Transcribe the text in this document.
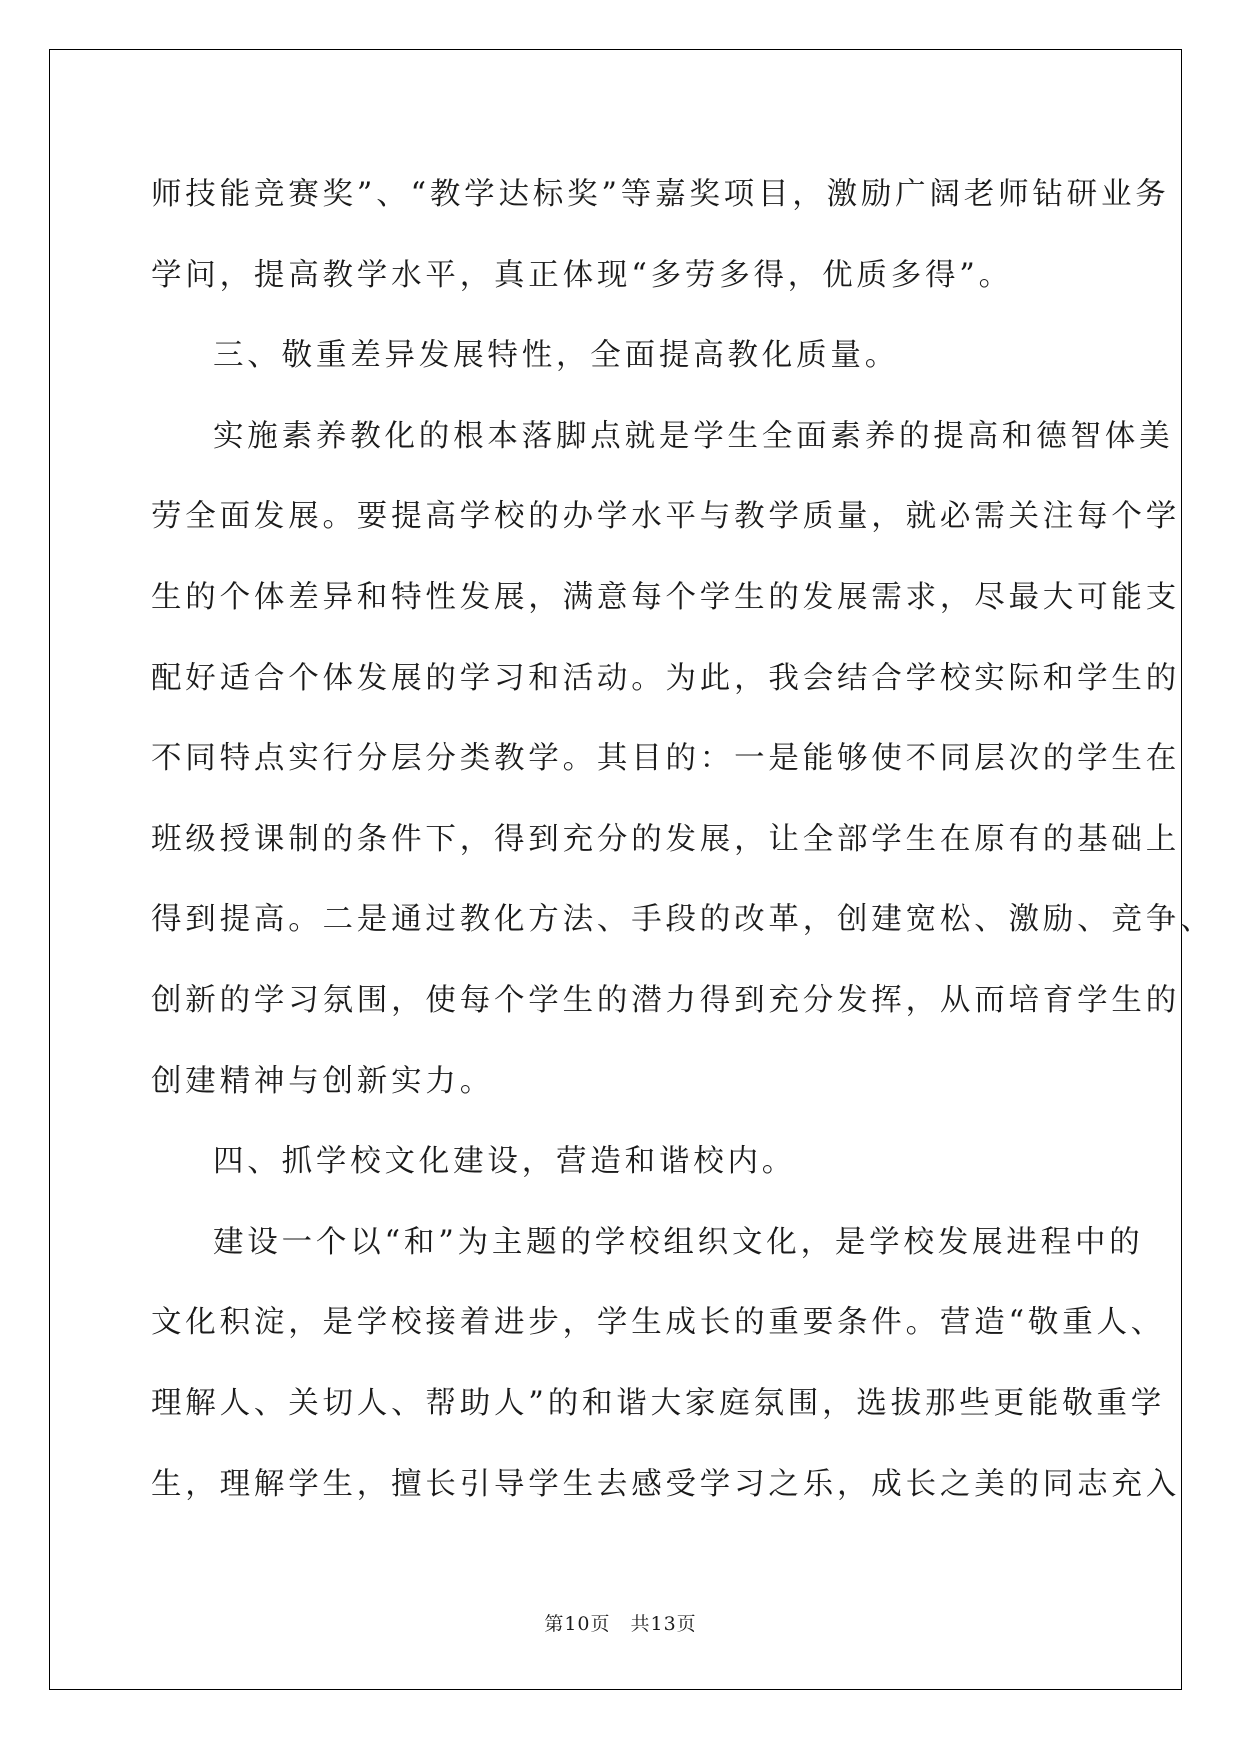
师技能竞赛奖”、“教学达标奖”等嘉奖项目，激励广阔老师钻研业务
学问，提高教学水平，真正体现“多劳多得，优质多得”。
三、敬重差异发展特性，全面提高教化质量。
实施素养教化的根本落脚点就是学生全面素养的提高和德智体美
劳全面发展。要提高学校的办学水平与教学质量，就必需关注每个学
生的个体差异和特性发展，满意每个学生的发展需求，尽最大可能支
配好适合个体发展的学习和活动。为此，我会结合学校实际和学生的
不同特点实行分层分类教学。其目的：一是能够使不同层次的学生在
班级授课制的条件下，得到充分的发展，让全部学生在原有的基础上
得到提高。二是通过教化方法、手段的改革，创建宽松、激励、竞争、
创新的学习氛围，使每个学生的潜力得到充分发挥，从而培育学生的
创建精神与创新实力。
四、抓学校文化建设，营造和谐校内。
建设一个以“和”为主题的学校组织文化，是学校发展进程中的
文化积淀，是学校接着进步，学生成长的重要条件。营造“敬重人、
理解人、关切人、帮助人”的和谐大家庭氛围，选拔那些更能敬重学
生，理解学生，擅长引导学生去感受学习之乐，成长之美的同志充入
第10页　共13页
